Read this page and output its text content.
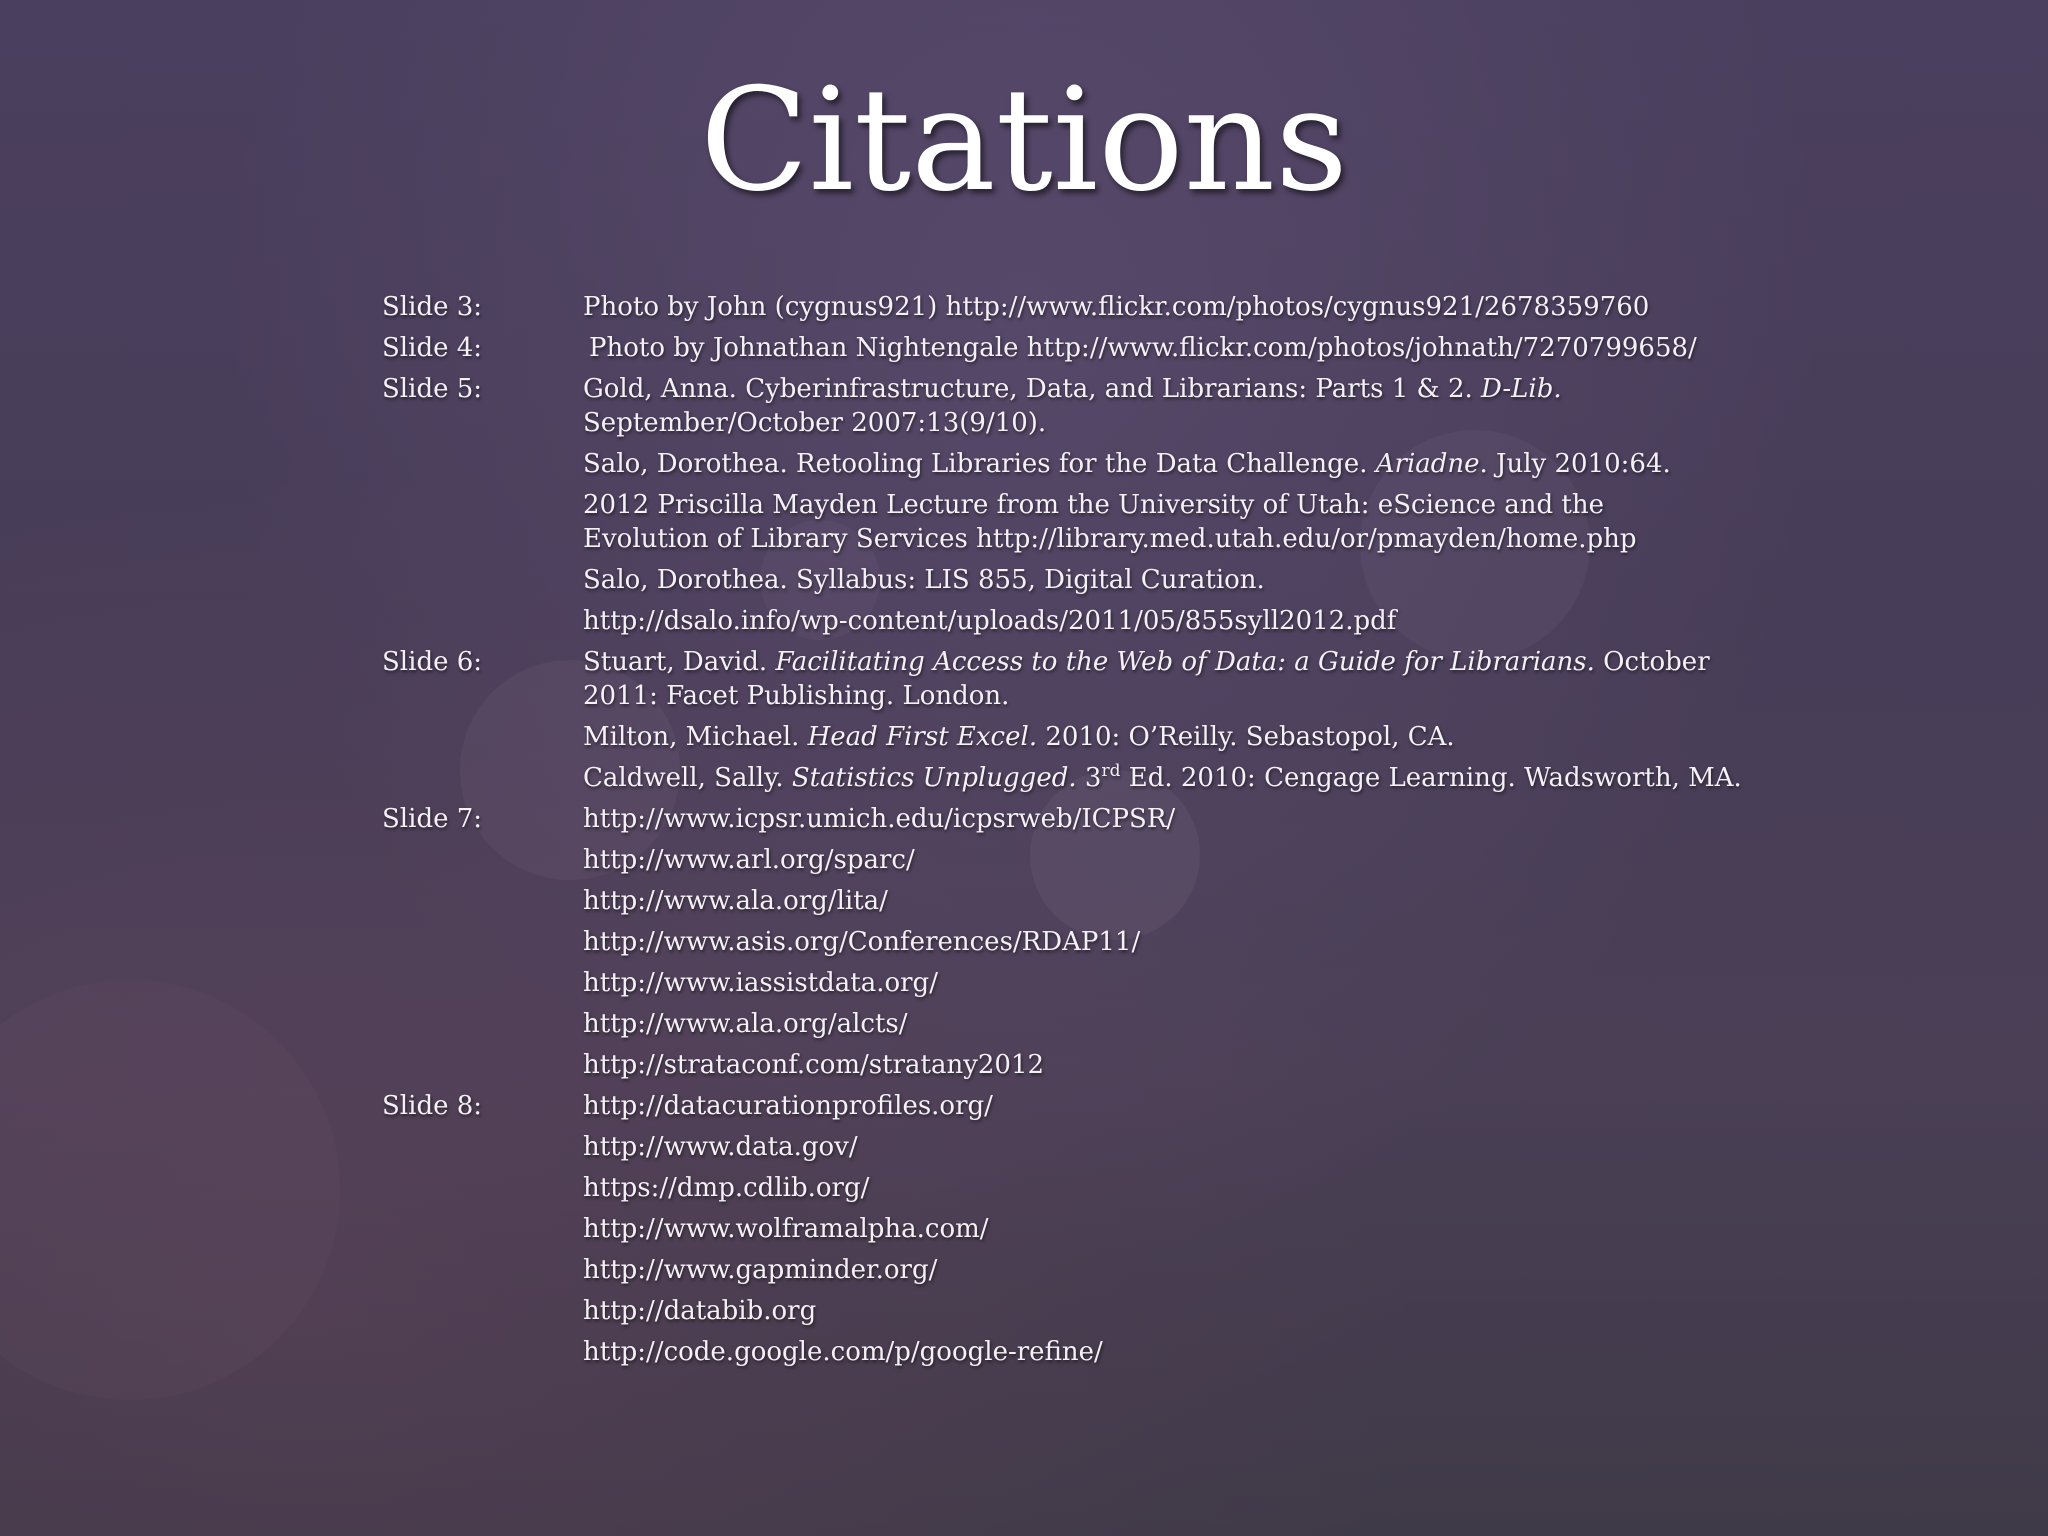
Citations
Slide 3:	Photo by John (cygnus921) http://www.flickr.com/photos/cygnus921/2678359760
Slide 4:	Photo by Johnathan Nightengale http://www.flickr.com/photos/johnath/7270799658/
Slide 5:	Gold, Anna. Cyberinfrastructure, Data, and Librarians: Parts 1 & 2. D-Lib. September/October 2007:13(9/10).
Salo, Dorothea. Retooling Libraries for the Data Challenge. Ariadne. July 2010:64.
2012 Priscilla Mayden Lecture from the University of Utah: eScience and the Evolution of Library Services http://library.med.utah.edu/or/pmayden/home.php
Salo, Dorothea. Syllabus: LIS 855, Digital Curation.
http://dsalo.info/wp-content/uploads/2011/05/855syll2012.pdf
Slide 6:	Stuart, David. Facilitating Access to the Web of Data: a Guide for Librarians. October 2011: Facet Publishing. London.
Milton, Michael. Head First Excel. 2010: O’Reilly. Sebastopol, CA.
Caldwell, Sally. Statistics Unplugged. 3rd Ed. 2010: Cengage Learning. Wadsworth, MA.
Slide 7:	http://www.icpsr.umich.edu/icpsrweb/ICPSR/
http://www.arl.org/sparc/
http://www.ala.org/lita/
http://www.asis.org/Conferences/RDAP11/
http://www.iassistdata.org/
http://www.ala.org/alcts/
http://strataconf.com/stratany2012
Slide 8:	http://datacurationprofiles.org/
http://www.data.gov/
https://dmp.cdlib.org/
http://www.wolframalpha.com/
http://www.gapminder.org/
http://databib.org
http://code.google.com/p/google-refine/
